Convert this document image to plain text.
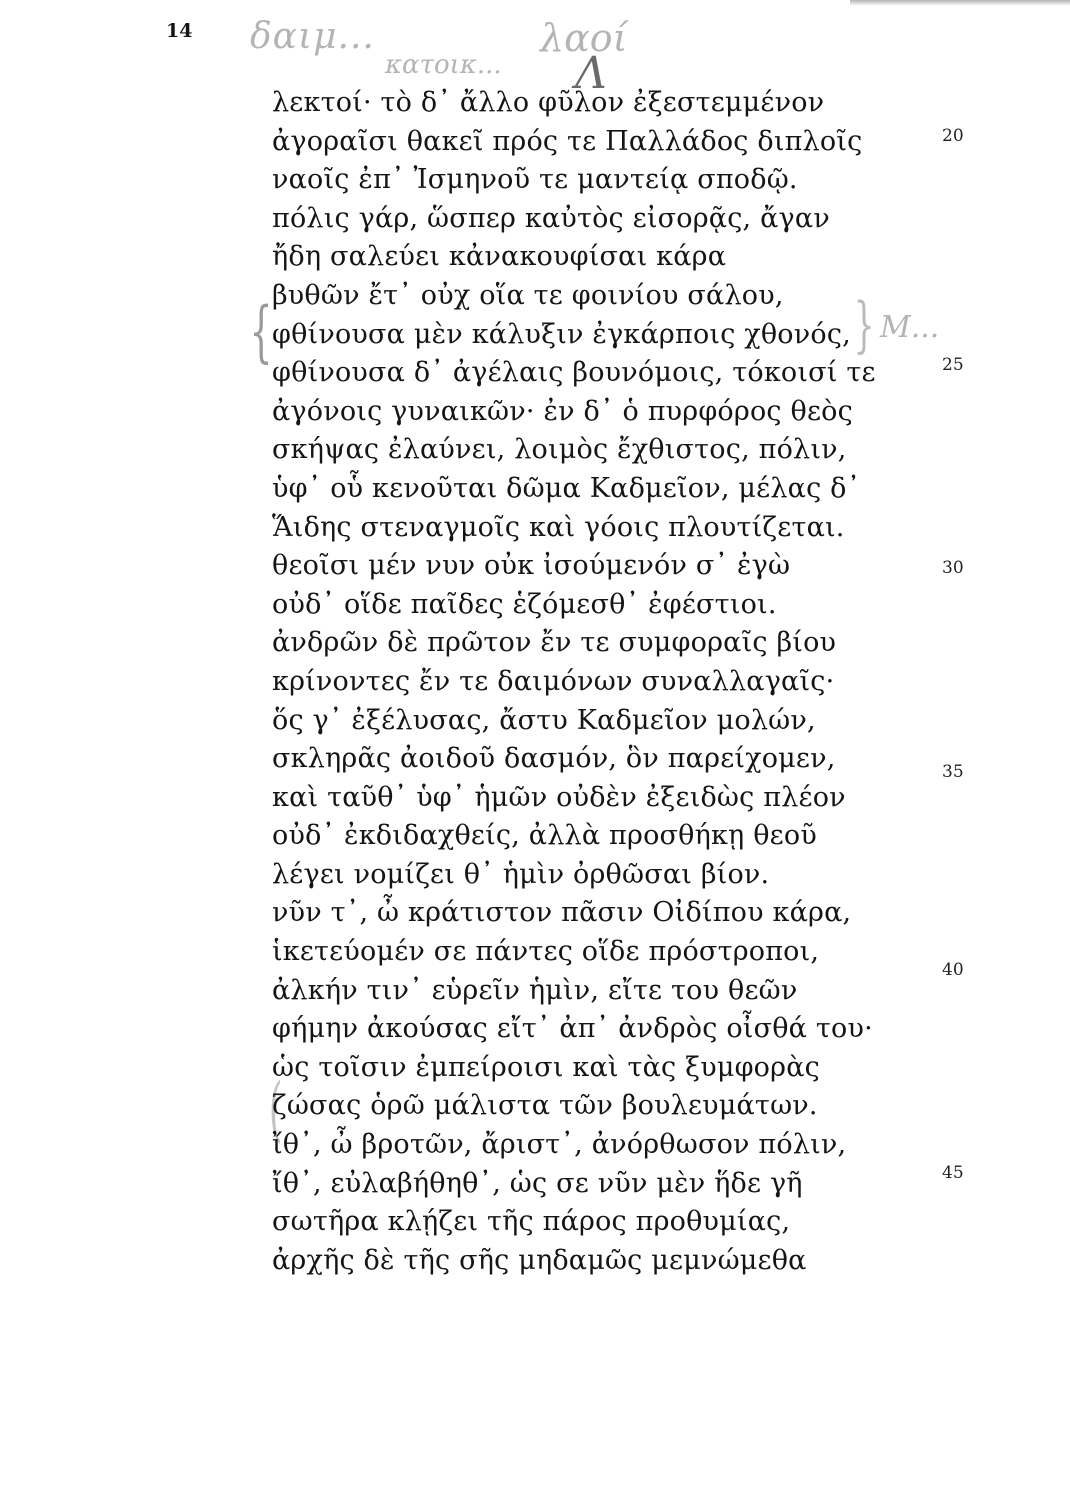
14 δαιμ...
κατοικ...
λαοί
Λ
Μ...
{	}
(
λεκτοί· τὸ δ᾽ ἄλλο φῦλον ἐξεστεμμένον
ἀγοραῖσι θακεῖ πρός τε Παλλάδος διπλοῖς
ναοῖς ἐπ᾽ Ἰσμηνοῦ τε μαντείᾳ σποδῷ.
πόλις γάρ, ὥσπερ καὐτὸς εἰσορᾷς, ἄγαν
ἤδη σαλεύει κἀνακουφίσαι κάρα
βυθῶν ἔτ᾽ οὐχ οἵα τε φοινίου σάλου,
φθίνουσα μὲν κάλυξιν ἐγκάρποις χθονός,
φθίνουσα δ᾽ ἀγέλαις βουνόμοις, τόκοισί τε
ἀγόνοις γυναικῶν· ἐν δ᾽ ὁ πυρφόρος θεὸς
σκήψας ἐλαύνει, λοιμὸς ἔχθιστος, πόλιν,
ὑφ᾽ οὗ κενοῦται δῶμα Καδμεῖον, μέλας δ᾽
Ἅιδης στεναγμοῖς καὶ γόοις πλουτίζεται.
θεοῖσι μέν νυν οὐκ ἰσούμενόν σ᾽ ἐγὼ
οὐδ᾽ οἵδε παῖδες ἑζόμεσθ᾽ ἐφέστιοι.
ἀνδρῶν δὲ πρῶτον ἔν τε συμφοραῖς βίου
κρίνοντες ἔν τε δαιμόνων συναλλαγαῖς·
ὅς γ᾽ ἐξέλυσας, ἄστυ Καδμεῖον μολών,
σκληρᾶς ἀοιδοῦ δασμόν, ὃν παρείχομεν,
καὶ ταῦθ᾽ ὑφ᾽ ἡμῶν οὐδὲν ἐξειδὼς πλέον
οὐδ᾽ ἐκδιδαχθείς, ἀλλὰ προσθήκῃ θεοῦ
λέγει νομίζει θ᾽ ἡμὶν ὀρθῶσαι βίον.
νῦν τ᾽, ὦ κράτιστον πᾶσιν Οἰδίπου κάρα,
ἱκετεύομέν σε πάντες οἵδε πρόστροποι,
ἀλκήν τιν᾽ εὑρεῖν ἡμὶν, εἴτε του θεῶν
φήμην ἀκούσας εἴτ᾽ ἀπ᾽ ἀνδρὸς οἶσθά του·
ὡς τοῖσιν ἐμπείροισι καὶ τὰς ξυμφορὰς
ζώσας ὁρῶ μάλιστα τῶν βουλευμάτων.
ἴθ᾽, ὦ βροτῶν, ἄριστ᾽, ἀνόρθωσον πόλιν,
ἴθ᾽, εὐλαβήθηθ᾽, ὡς σε νῦν μὲν ἥδε γῆ
σωτῆρα κλῄζει τῆς πάρος προθυμίας,
ἀρχῆς δὲ τῆς σῆς μηδαμῶς μεμνώμεθα
20
25
30
35
40
45
